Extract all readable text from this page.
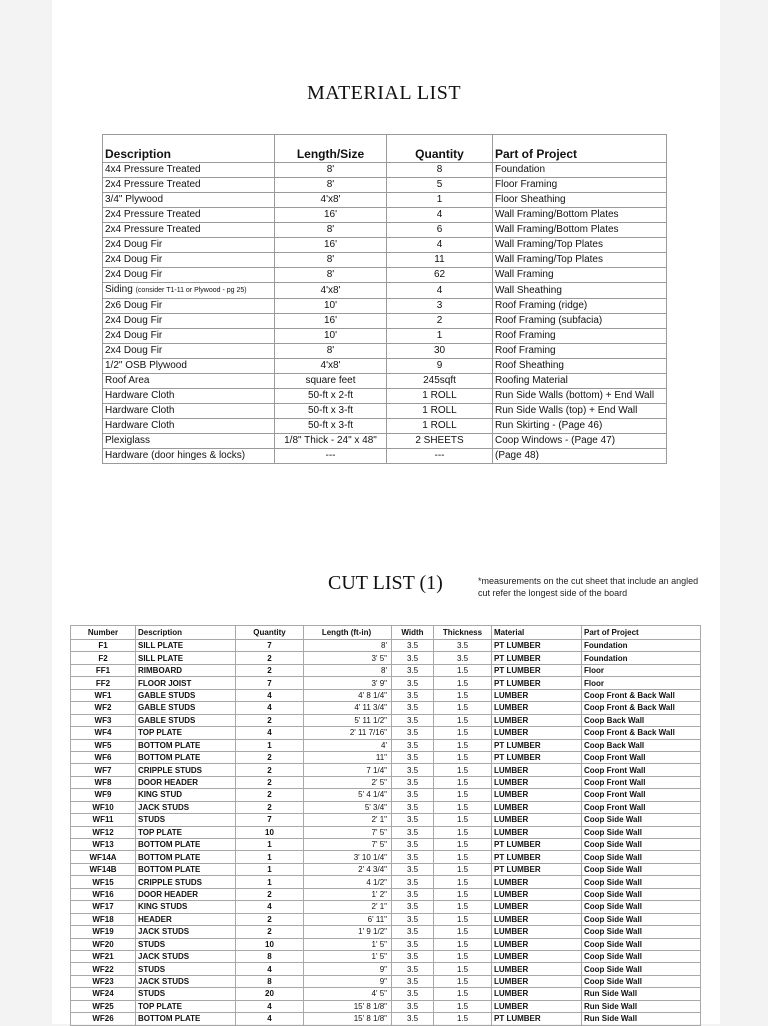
MATERIAL LIST
Description	Length/Size	Quantity	Part of Project
4x4 Pressure Treated	8'	8	Foundation
2x4 Pressure Treated	8'	5	Floor Framing
3/4" Plywood	4'x8'	1	Floor Sheathing
2x4 Pressure Treated	16'	4	Wall Framing/Bottom Plates
2x4 Pressure Treated	8'	6	Wall Framing/Bottom Plates
2x4 Doug Fir	16'	4	Wall Framing/Top Plates
2x4 Doug Fir	8'	11	Wall Framing/Top Plates
2x4 Doug Fir	8'	62	Wall Framing
Siding (consider T1-11 or Plywood - pg 25)	4'x8'	4	Wall Sheathing
2x6 Doug Fir	10'	3	Roof Framing (ridge)
2x4 Doug Fir	16'	2	Roof Framing (subfacia)
2x4 Doug Fir	10'	1	Roof Framing
2x4 Doug Fir	8'	30	Roof Framing
1/2" OSB Plywood	4'x8'	9	Roof Sheathing
Roof Area	square feet	245sqft	Roofing Material
Hardware Cloth	50-ft x 2-ft	1 ROLL	Run Side Walls (bottom) + End Wall
Hardware Cloth	50-ft x 3-ft	1 ROLL	Run Side Walls (top) + End Wall
Hardware Cloth	50-ft x 3-ft	1 ROLL	Run Skirting - (Page 46)
Plexiglass	1/8" Thick - 24" x 48"	2 SHEETS	Coop Windows - (Page 47)
Hardware (door hinges & locks)	---	---	(Page 48)
CUT LIST (1)	*measurements on the cut sheet that include an angled cut refer the longest side of the board
Number	Description	Quantity	Length (ft-in)	Width	Thickness	Material	Part of Project
F1	SILL PLATE	7	8'	3.5	3.5	PT LUMBER	Foundation
F2	SILL PLATE	2	3' 5"	3.5	3.5	PT LUMBER	Foundation
FF1	RIMBOARD	2	8'	3.5	1.5	PT LUMBER	Floor
FF2	FLOOR JOIST	7	3' 9"	3.5	1.5	PT LUMBER	Floor
WF1	GABLE STUDS	4	4' 8 1/4"	3.5	1.5	LUMBER	Coop Front & Back Wall
WF2	GABLE STUDS	4	4' 11 3/4"	3.5	1.5	LUMBER	Coop Front & Back Wall
WF3	GABLE STUDS	2	5' 11 1/2"	3.5	1.5	LUMBER	Coop Back Wall
WF4	TOP PLATE	4	2' 11 7/16"	3.5	1.5	LUMBER	Coop Front & Back Wall
WF5	BOTTOM PLATE	1	4'	3.5	1.5	PT LUMBER	Coop Back Wall
WF6	BOTTOM PLATE	2	11"	3.5	1.5	PT LUMBER	Coop Front Wall
WF7	CRIPPLE STUDS	2	7 1/4"	3.5	1.5	LUMBER	Coop Front Wall
WF8	DOOR HEADER	2	2' 5"	3.5	1.5	LUMBER	Coop Front Wall
WF9	KING STUD	2	5' 4 1/4"	3.5	1.5	LUMBER	Coop Front Wall
WF10	JACK STUDS	2	5' 3/4"	3.5	1.5	LUMBER	Coop Front Wall
WF11	STUDS	7	2' 1"	3.5	1.5	LUMBER	Coop Side Wall
WF12	TOP PLATE	10	7' 5"	3.5	1.5	LUMBER	Coop Side Wall
WF13	BOTTOM PLATE	1	7' 5"	3.5	1.5	PT LUMBER	Coop Side Wall
WF14A	BOTTOM PLATE	1	3' 10 1/4"	3.5	1.5	PT LUMBER	Coop Side Wall
WF14B	BOTTOM PLATE	1	2' 4 3/4"	3.5	1.5	PT LUMBER	Coop Side Wall
WF15	CRIPPLE STUDS	1	4 1/2"	3.5	1.5	LUMBER	Coop Side Wall
WF16	DOOR HEADER	2	1' 2"	3.5	1.5	LUMBER	Coop Side Wall
WF17	KING STUDS	4	2' 1"	3.5	1.5	LUMBER	Coop Side Wall
WF18	HEADER	2	6' 11"	3.5	1.5	LUMBER	Coop Side Wall
WF19	JACK STUDS	2	1' 9 1/2"	3.5	1.5	LUMBER	Coop Side Wall
WF20	STUDS	10	1' 5"	3.5	1.5	LUMBER	Coop Side Wall
WF21	JACK STUDS	8	1' 5"	3.5	1.5	LUMBER	Coop Side Wall
WF22	STUDS	4	9"	3.5	1.5	LUMBER	Coop Side Wall
WF23	JACK STUDS	8	9"	3.5	1.5	LUMBER	Coop Side Wall
WF24	STUDS	20	4' 5"	3.5	1.5	LUMBER	Run Side Wall
WF25	TOP PLATE	4	15' 8 1/8"	3.5	1.5	LUMBER	Run Side Wall
WF26	BOTTOM PLATE	4	15' 8 1/8"	3.5	1.5	PT LUMBER	Run Side Wall
